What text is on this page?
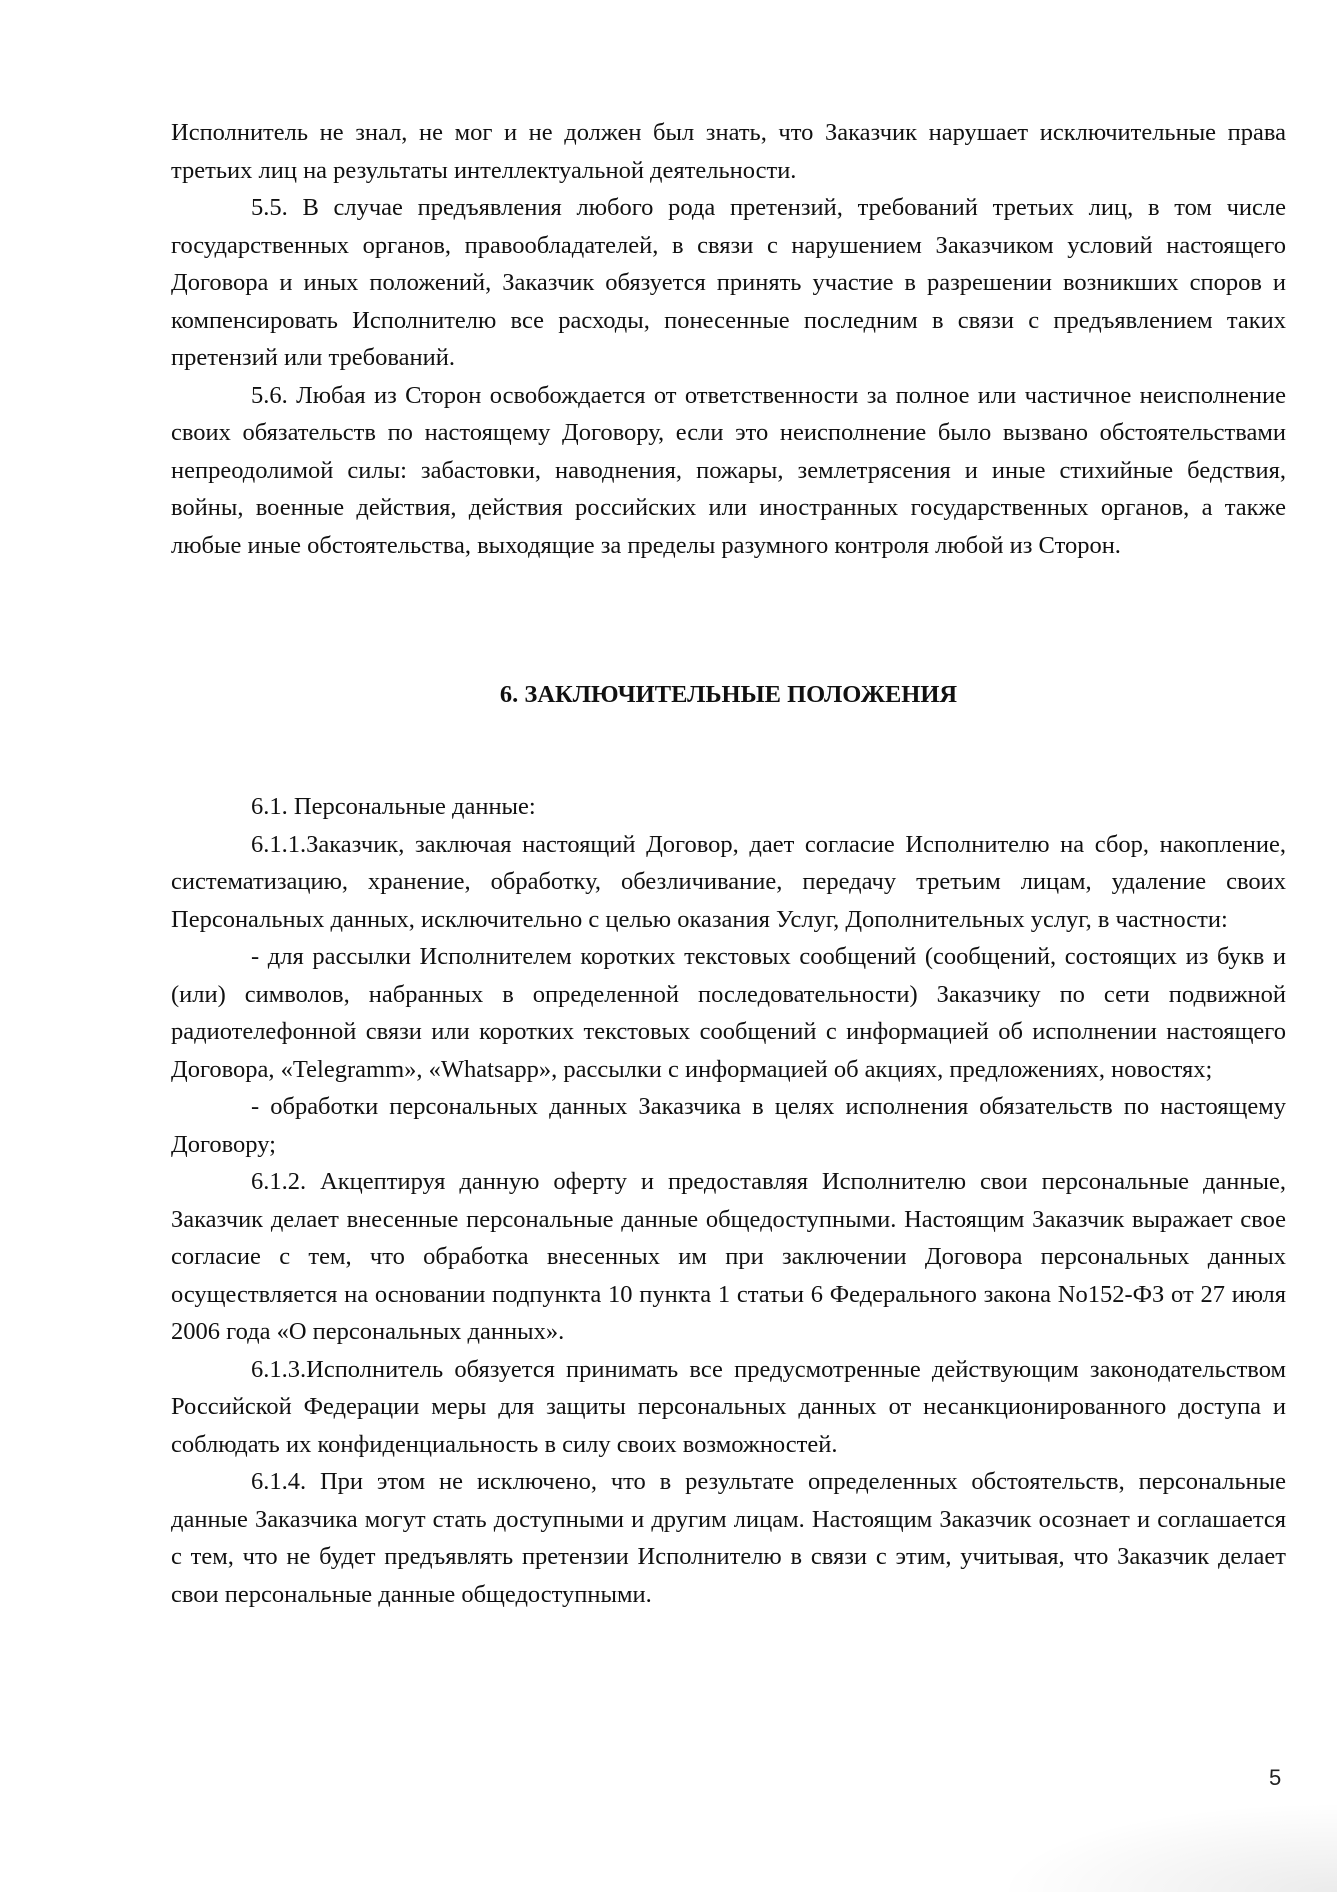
Исполнитель не знал, не мог и не должен был знать, что Заказчик нарушает исключительные права третьих лиц на результаты интеллектуальной деятельности.

5.5. В случае предъявления любого рода претензий, требований третьих лиц, в том числе государственных органов, правообладателей, в связи с нарушением Заказчиком условий настоящего Договора и иных положений, Заказчик обязуется принять участие в разрешении возникших споров и компенсировать Исполнителю все расходы, понесенные последним в связи с предъявлением таких претензий или требований.

5.6. Любая из Сторон освобождается от ответственности за полное или частичное неисполнение своих обязательств по настоящему Договору, если это неисполнение было вызвано обстоятельствами непреодолимой силы: забастовки, наводнения, пожары, землетрясения и иные стихийные бедствия, войны, военные действия, действия российских или иностранных государственных органов, а также любые иные обстоятельства, выходящие за пределы разумного контроля любой из Сторон.

6. ЗАКЛЮЧИТЕЛЬНЫЕ ПОЛОЖЕНИЯ

6.1. Персональные данные:

6.1.1.Заказчик, заключая настоящий Договор, дает согласие Исполнителю на сбор, накопление, систематизацию, хранение, обработку, обезличивание, передачу третьим лицам, удаление своих Персональных данных, исключительно с целью оказания Услуг, Дополнительных услуг, в частности:

- для рассылки Исполнителем коротких текстовых сообщений (сообщений, состоящих из букв и (или) символов, набранных в определенной последовательности) Заказчику по сети подвижной радиотелефонной связи или коротких текстовых сообщений с информацией об исполнении настоящего Договора, «Telegramm», «Whatsapp», рассылки с информацией об акциях, предложениях, новостях;

- обработки персональных данных Заказчика в целях исполнения обязательств по настоящему Договору;

6.1.2. Акцептируя данную оферту и предоставляя Исполнителю свои персональные данные, Заказчик делает внесенные персональные данные общедоступными. Настоящим Заказчик выражает свое согласие с тем, что обработка внесенных им при заключении Договора персональных данных осуществляется на основании подпункта 10 пункта 1 статьи 6 Федерального закона No152-ФЗ от 27 июля 2006 года «О персональных данных».

6.1.3.Исполнитель обязуется принимать все предусмотренные действующим законодательством Российской Федерации меры для защиты персональных данных от несанкционированного доступа и соблюдать их конфиденциальность в силу своих возможностей.

6.1.4. При этом не исключено, что в результате определенных обстоятельств, персональные данные Заказчика могут стать доступными и другим лицам. Настоящим Заказчик осознает и соглашается с тем, что не будет предъявлять претензии Исполнителю в связи с этим, учитывая, что Заказчик делает свои персональные данные общедоступными.

5
